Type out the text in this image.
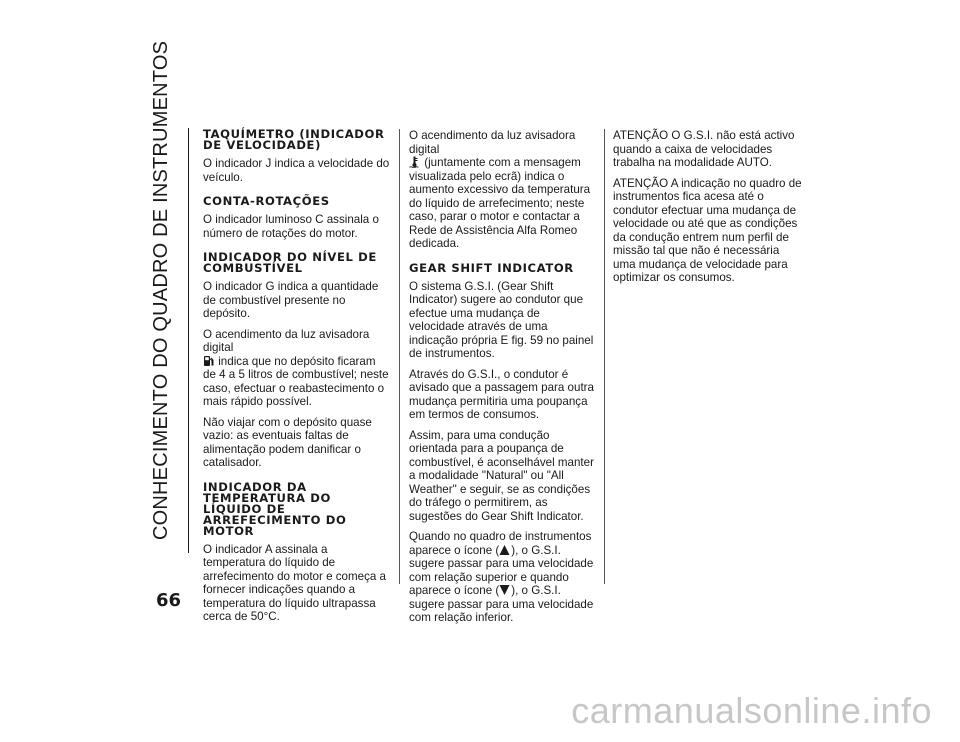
CONHECIMENTO DO QUADRO DE INSTRUMENTOS
66
TAQUÍMETRO (INDICADOR DE VELOCIDADE)

O indicador J indica a velocidade do veículo.

CONTA-ROTAÇÕES

O indicador luminoso C assinala o número de rotações do motor.

INDICADOR DO NÍVEL DE COMBUSTÍVEL

O indicador G indica a quantidade de combustível presente no depósito.

O acendimento da luz avisadora digital
indica que no depósito ficaram de 4 a 5 litros de combustível; neste caso, efectuar o reabastecimento o mais rápido possível.

Não viajar com o depósito quase vazio: as eventuais faltas de alimentação podem danificar o catalisador.

INDICADOR DA TEMPERATURA DO LÍQUIDO DE ARREFECIMENTO DO MOTOR

O indicador A assinala a temperatura do líquido de arrefecimento do motor e começa a fornecer indicações quando a temperatura do líquido ultrapassa cerca de 50°C.

O acendimento da luz avisadora digital
(juntamente com a mensagem visualizada pelo ecrã) indica o aumento excessivo da temperatura do líquido de arrefecimento; neste caso, parar o motor e contactar a Rede de Assistência Alfa Romeo dedicada.

GEAR SHIFT INDICATOR

O sistema G.S.I. (Gear Shift Indicator) sugere ao condutor que efectue uma mudança de velocidade através de uma indicação própria E fig. 59 no painel de instrumentos.

Através do G.S.I., o condutor é avisado que a passagem para outra mudança permitiria uma poupança em termos de consumos.

Assim, para uma condução orientada para a poupança de combustível, é aconselhável manter a modalidade "Natural" ou "All Weather" e seguir, se as condições do tráfego o permitirem, as sugestões do Gear Shift Indicator.

Quando no quadro de instrumentos aparece o ícone ( ), o G.S.I. sugere passar para uma velocidade com relação superior e quando aparece o ícone ( ), o G.S.I. sugere passar para uma velocidade com relação inferior.

ATENÇÃO O G.S.I. não está activo quando a caixa de velocidades trabalha na modalidade AUTO.

ATENÇÃO A indicação no quadro de instrumentos fica acesa até o condutor efectuar uma mudança de velocidade ou até que as condições da condução entrem num perfil de missão tal que não é necessária uma mudança de velocidade para optimizar os consumos.

carmanualsonline.info
